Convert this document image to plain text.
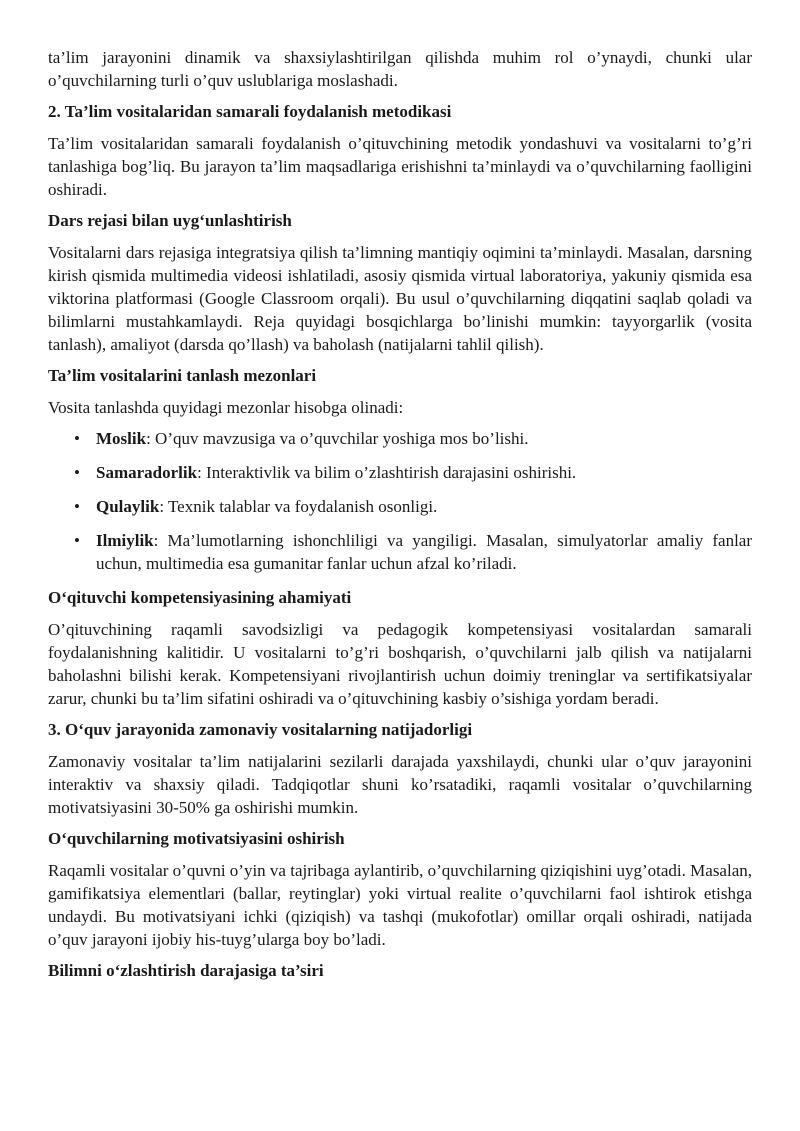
ta’lim jarayonini dinamik va shaxsiylashtirilgan qilishda muhim rol o’ynaydi, chunki ular o’quvchilarning turli o’quv uslublariga moslashadi.

2. Ta’lim vositalaridan samarali foydalanish metodikasi

Ta’lim vositalaridan samarali foydalanish o’qituvchining metodik yondashuvi va vositalarni to’g’ri tanlashiga bog’liq. Bu jarayon ta’lim maqsadlariga erishishni ta’minlaydi va o’quvchilarning faolligini oshiradi.

Dars rejasi bilan uyg‘unlashtirish

Vositalarni dars rejasiga integratsiya qilish ta’limning mantiqiy oqimini ta’minlaydi. Masalan, darsning kirish qismida multimedia videosi ishlatiladi, asosiy qismida virtual laboratoriya, yakuniy qismida esa viktorina platformasi (Google Classroom orqali). Bu usul o’quvchilarning diqqatini saqlab qoladi va bilimlarni mustahkamlaydi. Reja quyidagi bosqichlarga bo’linishi mumkin: tayyorgarlik (vosita tanlash), amaliyot (darsda qo’llash) va baholash (natijalarni tahlil qilish).

Ta’lim vositalarini tanlash mezonlari

Vosita tanlashda quyidagi mezonlar hisobga olinadi:

• Moslik: O’quv mavzusiga va o’quvchilar yoshiga mos bo’lishi.
• Samaradorlik: Interaktivlik va bilim o’zlashtirish darajasini oshirishi.
• Qulaylik: Texnik talablar va foydalanish osonligi.
• Ilmiylik: Ma’lumotlarning ishonchliligi va yangiligi. Masalan, simulyatorlar amaliy fanlar uchun, multimedia esa gumanitar fanlar uchun afzal ko’riladi.
O‘qituvchi kompetensiyasining ahamiyati

O’qituvchining raqamli savodsizligi va pedagogik kompetensiyasi vositalardan samarali foydalanishning kalitidir. U vositalarni to’g’ri boshqarish, o’quvchilarni jalb qilish va natijalarni baholashni bilishi kerak. Kompetensiyani rivojlantirish uchun doimiy treninglar va sertifikatsiyalar zarur, chunki bu ta’lim sifatini oshiradi va o’qituvchining kasbiy o’sishiga yordam beradi.

3. O‘quv jarayonida zamonaviy vositalarning natijadorligi

Zamonaviy vositalar ta’lim natijalarini sezilarli darajada yaxshilaydi, chunki ular o’quv jarayonini interaktiv va shaxsiy qiladi. Tadqiqotlar shuni ko’rsatadiki, raqamli vositalar o’quvchilarning motivatsiyasini 30-50% ga oshirishi mumkin.

O‘quvchilarning motivatsiyasini oshirish

Raqamli vositalar o’quvni o’yin va tajribaga aylantirib, o’quvchilarning qiziqishini uyg’otadi. Masalan, gamifikatsiya elementlari (ballar, reytinglar) yoki virtual realite o’quvchilarni faol ishtirok etishga undaydi. Bu motivatsiyani ichki (qiziqish) va tashqi (mukofotlar) omillar orqali oshiradi, natijada o’quv jarayoni ijobiy his-tuyg’ularga boy bo’ladi.

Bilimni o‘zlashtirish darajasiga ta’siri
